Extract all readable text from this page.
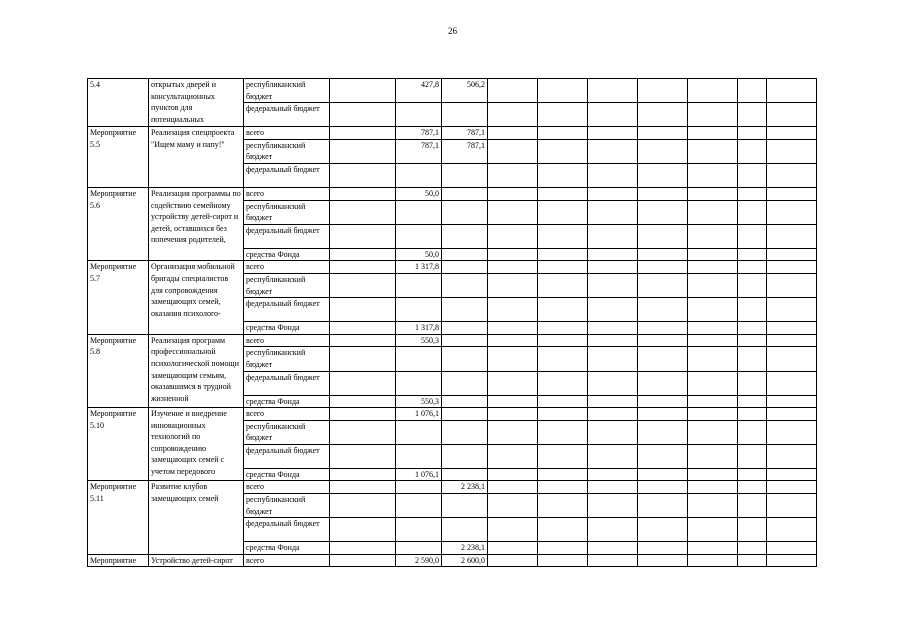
26
5.4	открытых дверей и консультационных пунктов для потенциальных	республиканский бюджет		427,8	506,2							
		федеральный бюджет										
Мероприятие 5.5	Реализация спецпроекта "Ищем маму и папу!"	всего		787,1	787,1							
		республиканский бюджет		787,1	787,1							
		федеральный бюджет										
Мероприятие 5.6	Реализация программы по содействию семейному устройству детей-сирот и детей, оставшихся без попечения родителей,	всего		50,0								
		республиканский бюджет										
		федеральный бюджет										
		средства Фонда		50,0								
Мероприятие 5.7	Организация мобильной бригады специалистов для сопровождения замещающих семей, оказания психолого-	всего		1 317,8								
		республиканский бюджет										
		федеральный бюджет										
		средства Фонда		1 317,8								
Мероприятие 5.8	Реализация программ профессиональной психологической помощи замещающим семьям, оказавшимся в трудной жизненной	всего		550,3								
		республиканский бюджет										
		федеральный бюджет										
		средства Фонда		550,3								
Мероприятие 5.10	Изучение и внедрение инновационных технологий по сопровождению замещающих семей с учетом передового	всего		1 076,1								
		республиканский бюджет										
		федеральный бюджет										
		средства Фонда		1 076,1								
Мероприятие 5.11	Развитие клубов замещающих семей	всего			2 238,1							
		республиканский бюджет										
		федеральный бюджет										
		средства Фонда			2 238,1							
Мероприятие	Устройство детей-сирот	всего		2 590,0	2 600,0							
